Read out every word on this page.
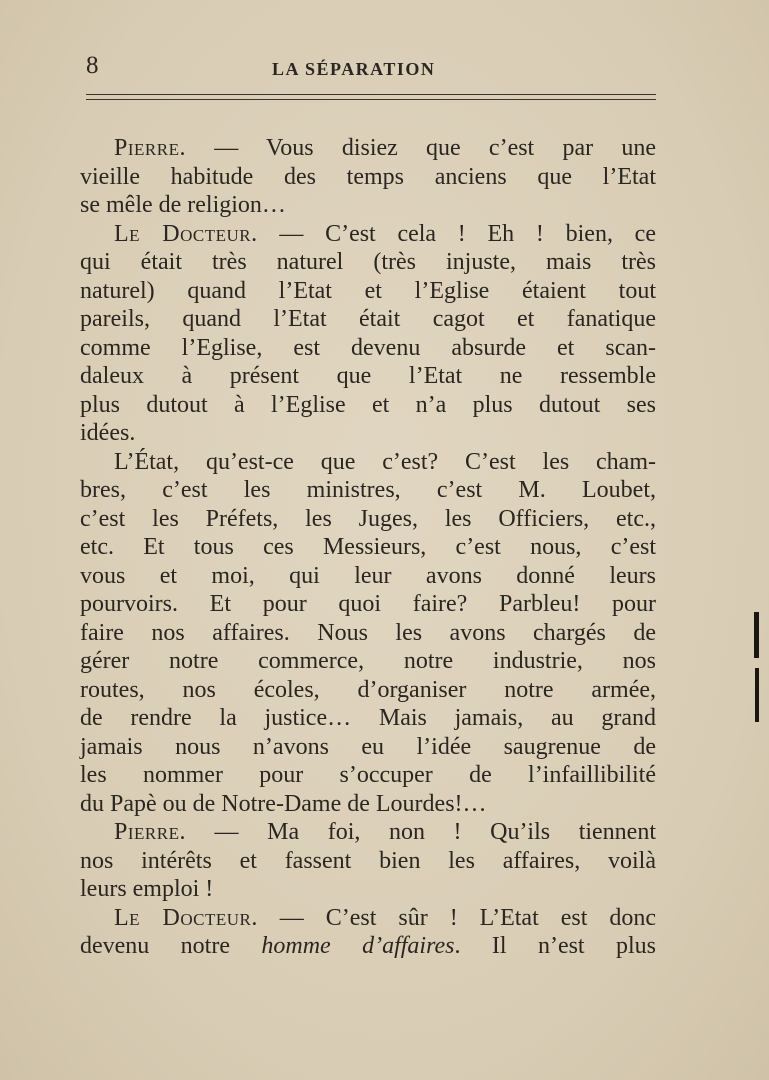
8	LA SÉPARATION
Pierre. — Vous disiez que c’est par une
vieille habitude des temps anciens que l’Etat
se mêle de religion…
Le Docteur. — C’est cela ! Eh ! bien, ce
qui était très naturel (très injuste, mais très
naturel) quand l’Etat et l’Eglise étaient tout
pareils, quand l’Etat était cagot et fanatique
comme l’Eglise, est devenu absurde et scan-
daleux à présent que l’Etat ne ressemble
plus dutout à l’Eglise et n’a plus dutout ses
idées.
L’État, qu’est-ce que c’est? C’est les cham-
bres, c’est les ministres, c’est M. Loubet,
c’est les Préfets, les Juges, les Officiers, etc.,
etc. Et tous ces Messieurs, c’est nous, c’est
vous et moi, qui leur avons donné leurs
pourvoirs. Et pour quoi faire? Parbleu! pour
faire nos affaires. Nous les avons chargés de
gérer notre commerce, notre industrie, nos
routes, nos écoles, d’organiser notre armée,
de rendre la justice… Mais jamais, au grand
jamais nous n’avons eu l’idée saugrenue de
les nommer pour s’occuper de l’infaillibilité
du Papè ou de Notre-Dame de Lourdes!…
Pierre. — Ma foi, non ! Qu’ils tiennent
nos intérêts et fassent bien les affaires, voilà
leurs emploi !
Le Docteur. — C’est sûr ! L’Etat est donc
devenu notre homme d’affaires. Il n’est plus
